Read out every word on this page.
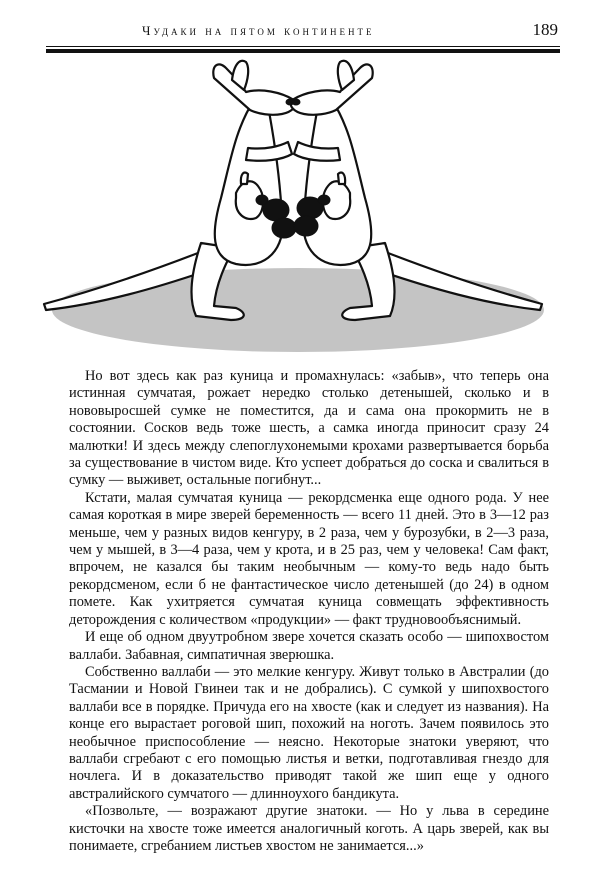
Чудаки на пятом континенте	189

Но вот здесь как раз куница и промахнулась: «забыв», что теперь она истинная сумчатая, рожает нередко столько детенышей, сколько и в нововыросшей сумке не поместится, да и сама она прокормить не в состоянии. Сосков ведь тоже шесть, а самка иногда приносит сразу 24 малютки! И здесь между слепоглухонемыми крохами развертывается борьба за существование в чистом виде. Кто успеет добраться до соска и свалиться в сумку — выживет, остальные погибнут...

Кстати, малая сумчатая куница — рекордсменка еще одного рода. У нее самая короткая в мире зверей беременность — всего 11 дней. Это в 3—12 раз меньше, чем у разных видов кенгуру, в 2 раза, чем у бурозубки, в 2—3 раза, чем у мышей, в 3—4 раза, чем у крота, и в 25 раз, чем у человека! Сам факт, впрочем, не казался бы таким необычным — кому-то ведь надо быть рекордсменом, если б не фантастическое число детенышей (до 24) в одном помете. Как ухитряется сумчатая куница совмещать эффективность деторождения с количеством «продукции» — факт трудновообъяснимый.

И еще об одном двуутробном звере хочется сказать особо — шипохвостом валлаби. Забавная, симпатичная зверюшка.

Собственно валлаби — это мелкие кенгуру. Живут только в Австралии (до Тасмании и Новой Гвинеи так и не добрались). С сумкой у шипохвостого валлаби все в порядке. Причуда его на хвосте (как и следует из названия). На конце его вырастает роговой шип, похожий на ноготь. Зачем появилось это необычное приспособление — неясно. Некоторые знатоки уверяют, что валлаби сгребают с его помощью листья и ветки, подготавливая гнездо для ночлега. И в доказательство приводят такой же шип еще у одного австралийского сумчатого — длинноухого бандикута.

«Позвольте, — возражают другие знатоки. — Но у льва в середине кисточки на хвосте тоже имеется аналогичный коготь. А царь зверей, как вы понимаете, сгребанием листьев хвостом не занимается...»
